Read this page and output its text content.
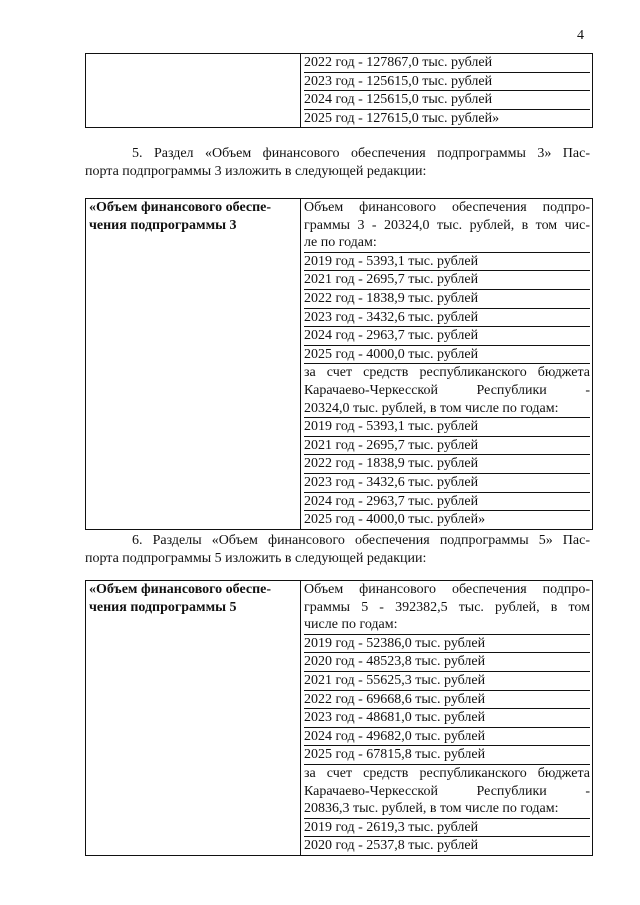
4

2022 год - 127867,0 тыс. рублей
2023 год - 125615,0 тыс. рублей
2024 год - 125615,0 тыс. рублей
2025 год - 127615,0 тыс. рублей»
5. Раздел «Объем финансового обеспечения подпрограммы 3» Пас-
порта подпрограммы 3 изложить в следующей редакции:
«Объем финансового обеспе-
чения подпрограммы 3

Объем финансового обеспечения подпро-
граммы 3 - 20324,0 тыс. рублей, в том чис-
ле по годам:
2019 год - 5393,1 тыс. рублей
2021 год - 2695,7 тыс. рублей
2022 год - 1838,9 тыс. рублей
2023 год - 3432,6 тыс. рублей
2024 год - 2963,7 тыс. рублей
2025 год - 4000,0 тыс. рублей
за счет средств республиканского бюджета
Карачаево-Черкесской Республики -
20324,0 тыс. рублей, в том числе по годам:
2019 год - 5393,1 тыс. рублей
2021 год - 2695,7 тыс. рублей
2022 год - 1838,9 тыс. рублей
2023 год - 3432,6 тыс. рублей
2024 год - 2963,7 тыс. рублей
2025 год - 4000,0 тыс. рублей»
6. Разделы «Объем финансового обеспечения подпрограммы 5» Пас-
порта подпрограммы 5 изложить в следующей редакции:
«Объем финансового обеспе-
чения подпрограммы 5

Объем финансового обеспечения подпро-
граммы 5 - 392382,5 тыс. рублей, в том
числе по годам:
2019 год - 52386,0 тыс. рублей
2020 год - 48523,8 тыс. рублей
2021 год - 55625,3 тыс. рублей
2022 год - 69668,6 тыс. рублей
2023 год - 48681,0 тыс. рублей
2024 год - 49682,0 тыс. рублей
2025 год - 67815,8 тыс. рублей
за счет средств республиканского бюджета
Карачаево-Черкесской Республики -
20836,3 тыс. рублей, в том числе по годам:
2019 год - 2619,3 тыс. рублей
2020 год - 2537,8 тыс. рублей
